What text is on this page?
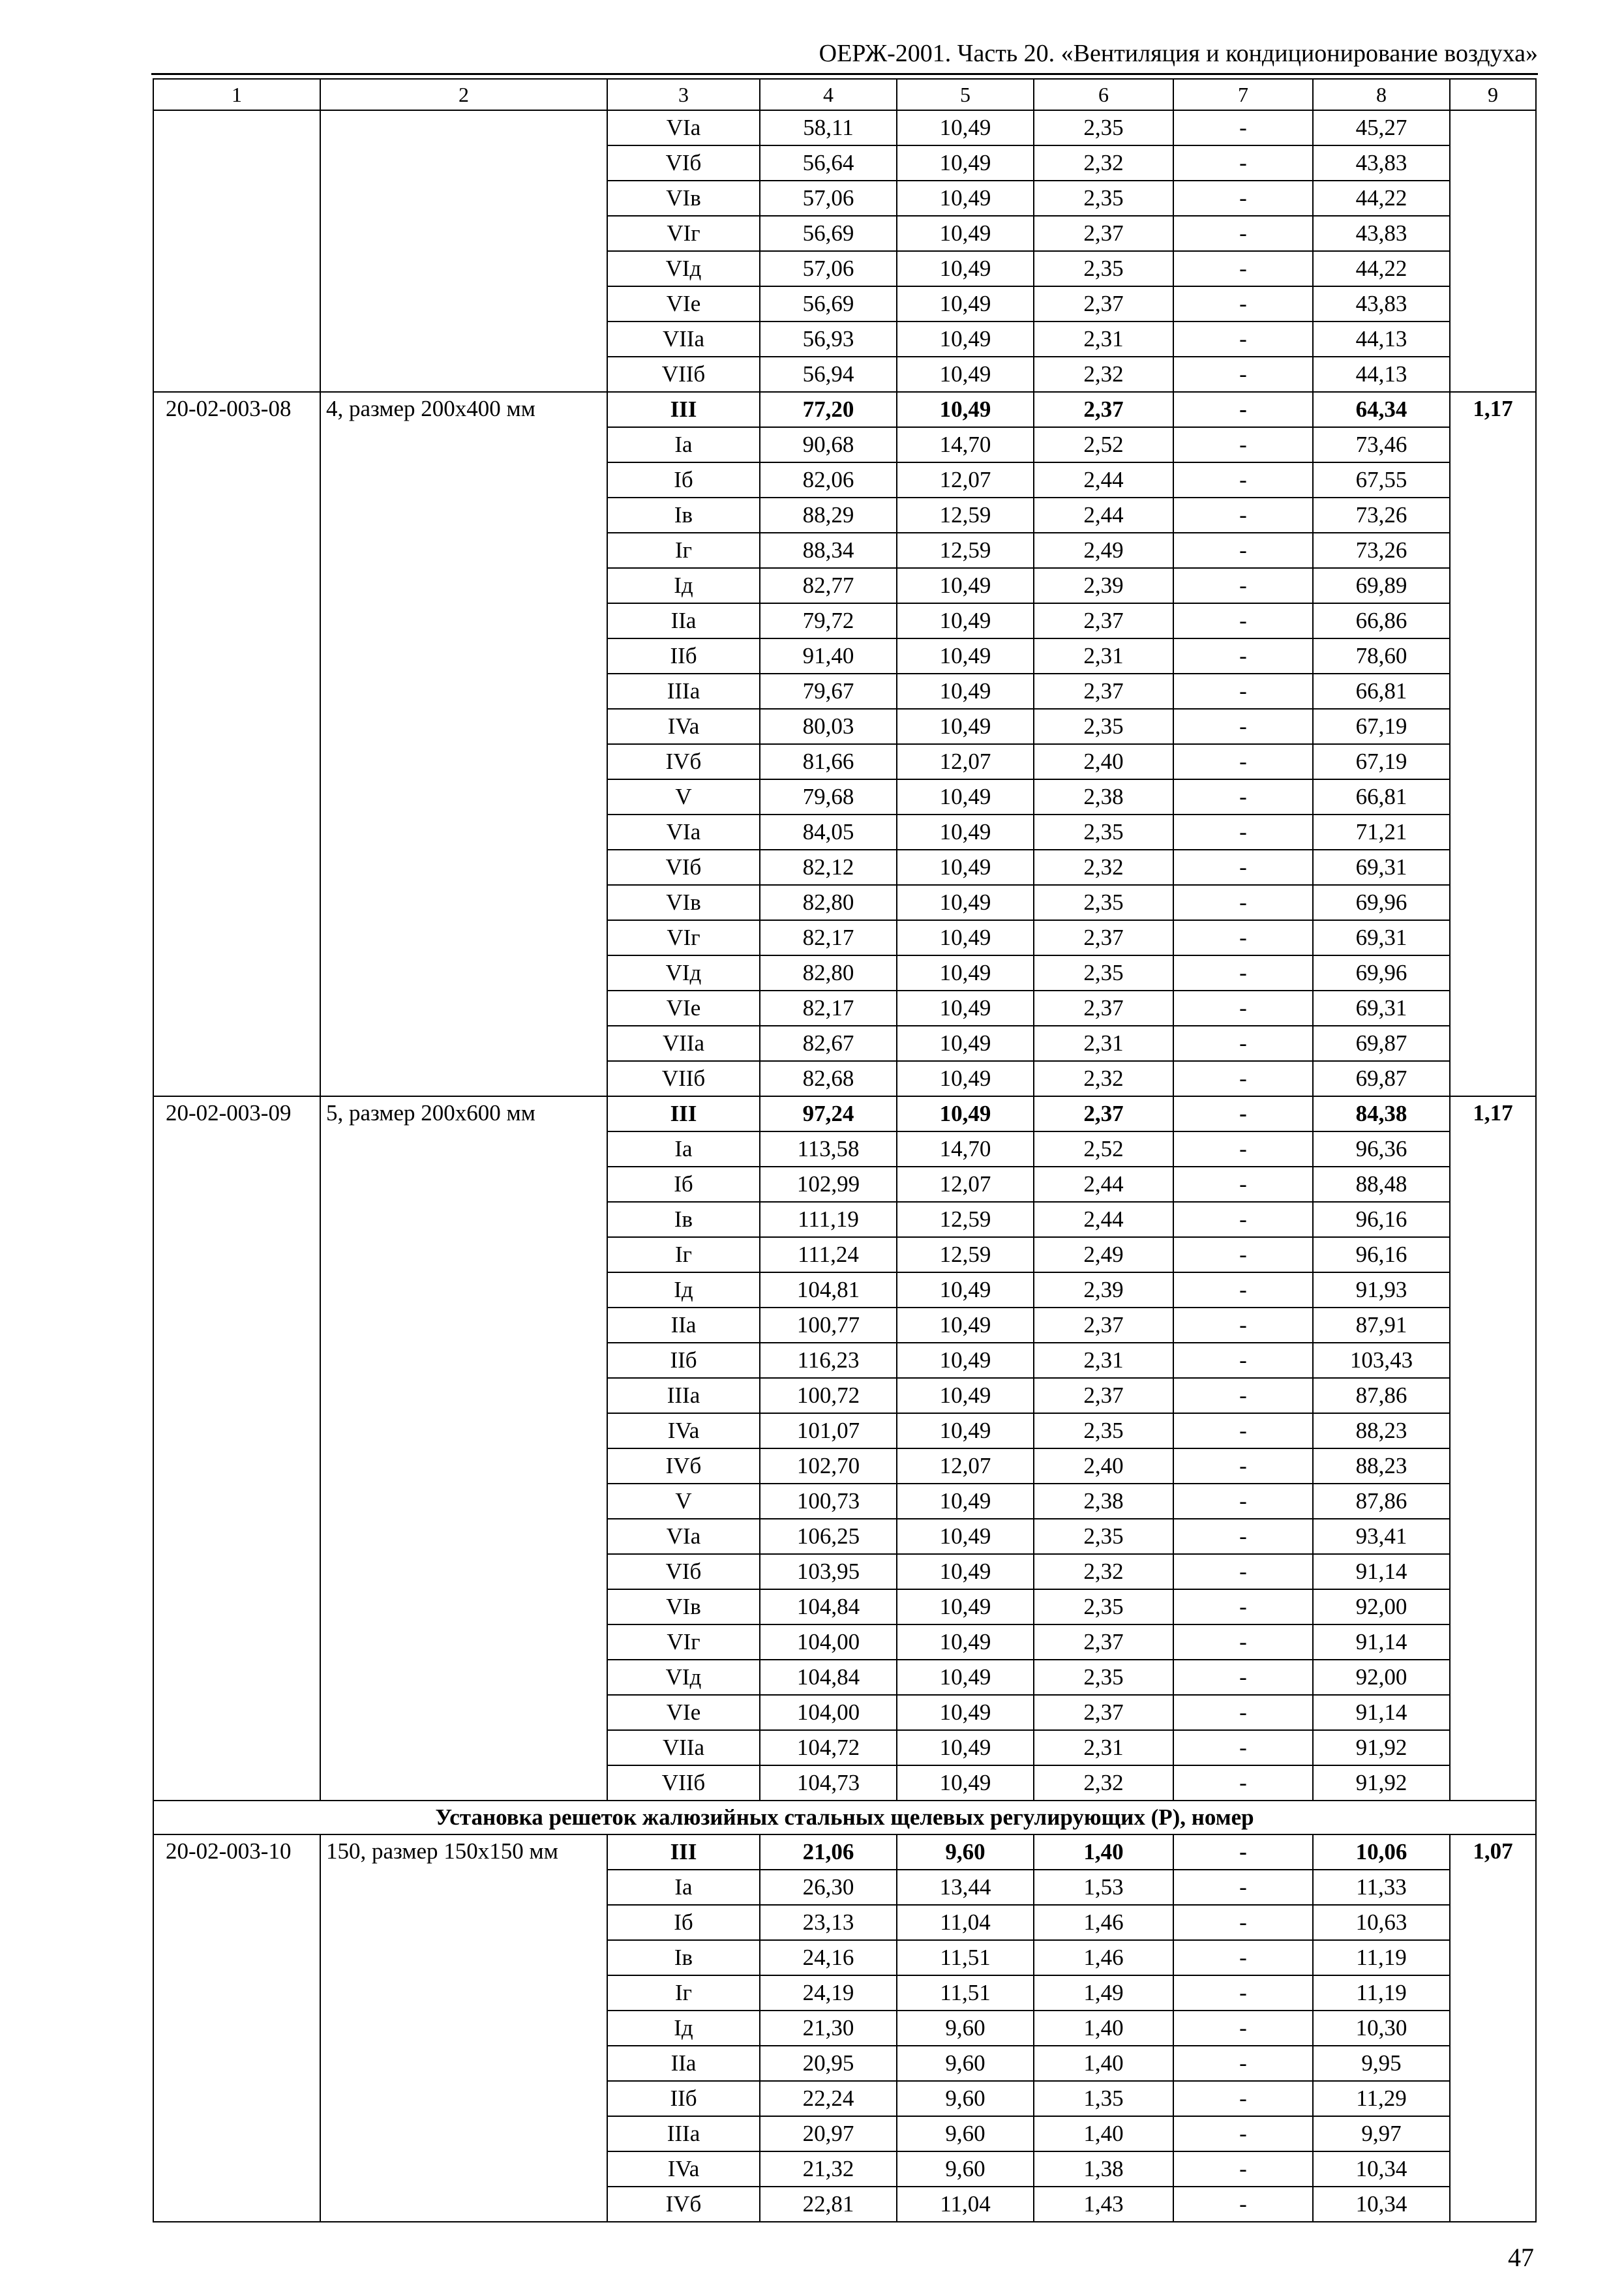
ОЕРЖ-2001. Часть 20. «Вентиляция и кондиционирование воздуха»
1	2	3	4	5	6	7	8	9
		VIa	58,11	10,49	2,35	-	45,27	
		VIб	56,64	10,49	2,32	-	43,83	
		VIв	57,06	10,49	2,35	-	44,22	
		VIг	56,69	10,49	2,37	-	43,83	
		VIд	57,06	10,49	2,35	-	44,22	
		VIе	56,69	10,49	2,37	-	43,83	
		VIIa	56,93	10,49	2,31	-	44,13	
		VIIб	56,94	10,49	2,32	-	44,13	
20-02-003-08	4, размер 200х400 мм	III	77,20	10,49	2,37	-	64,34	1,17
		Ia	90,68	14,70	2,52	-	73,46	
		Iб	82,06	12,07	2,44	-	67,55	
		Iв	88,29	12,59	2,44	-	73,26	
		Iг	88,34	12,59	2,49	-	73,26	
		Iд	82,77	10,49	2,39	-	69,89	
		IIa	79,72	10,49	2,37	-	66,86	
		IIб	91,40	10,49	2,31	-	78,60	
		IIIa	79,67	10,49	2,37	-	66,81	
		IVa	80,03	10,49	2,35	-	67,19	
		IVб	81,66	12,07	2,40	-	67,19	
		V	79,68	10,49	2,38	-	66,81	
		VIa	84,05	10,49	2,35	-	71,21	
		VIб	82,12	10,49	2,32	-	69,31	
		VIв	82,80	10,49	2,35	-	69,96	
		VIг	82,17	10,49	2,37	-	69,31	
		VIд	82,80	10,49	2,35	-	69,96	
		VIе	82,17	10,49	2,37	-	69,31	
		VIIa	82,67	10,49	2,31	-	69,87	
		VIIб	82,68	10,49	2,32	-	69,87	
20-02-003-09	5, размер 200х600 мм	III	97,24	10,49	2,37	-	84,38	1,17
		Ia	113,58	14,70	2,52	-	96,36	
		Iб	102,99	12,07	2,44	-	88,48	
		Iв	111,19	12,59	2,44	-	96,16	
		Iг	111,24	12,59	2,49	-	96,16	
		Iд	104,81	10,49	2,39	-	91,93	
		IIa	100,77	10,49	2,37	-	87,91	
		IIб	116,23	10,49	2,31	-	103,43	
		IIIa	100,72	10,49	2,37	-	87,86	
		IVa	101,07	10,49	2,35	-	88,23	
		IVб	102,70	12,07	2,40	-	88,23	
		V	100,73	10,49	2,38	-	87,86	
		VIa	106,25	10,49	2,35	-	93,41	
		VIб	103,95	10,49	2,32	-	91,14	
		VIв	104,84	10,49	2,35	-	92,00	
		VIг	104,00	10,49	2,37	-	91,14	
		VIд	104,84	10,49	2,35	-	92,00	
		VIе	104,00	10,49	2,37	-	91,14	
		VIIa	104,72	10,49	2,31	-	91,92	
		VIIб	104,73	10,49	2,32	-	91,92	
Установка решеток жалюзийных стальных щелевых регулирующих (Р), номер								
20-02-003-10	150, размер 150х150 мм	III	21,06	9,60	1,40	-	10,06	1,07
		Ia	26,30	13,44	1,53	-	11,33	
		Iб	23,13	11,04	1,46	-	10,63	
		Iв	24,16	11,51	1,46	-	11,19	
		Iг	24,19	11,51	1,49	-	11,19	
		Iд	21,30	9,60	1,40	-	10,30	
		IIa	20,95	9,60	1,40	-	9,95	
		IIб	22,24	9,60	1,35	-	11,29	
		IIIa	20,97	9,60	1,40	-	9,97	
		IVa	21,32	9,60	1,38	-	10,34	
		IVб	22,81	11,04	1,43	-	10,34	
47
